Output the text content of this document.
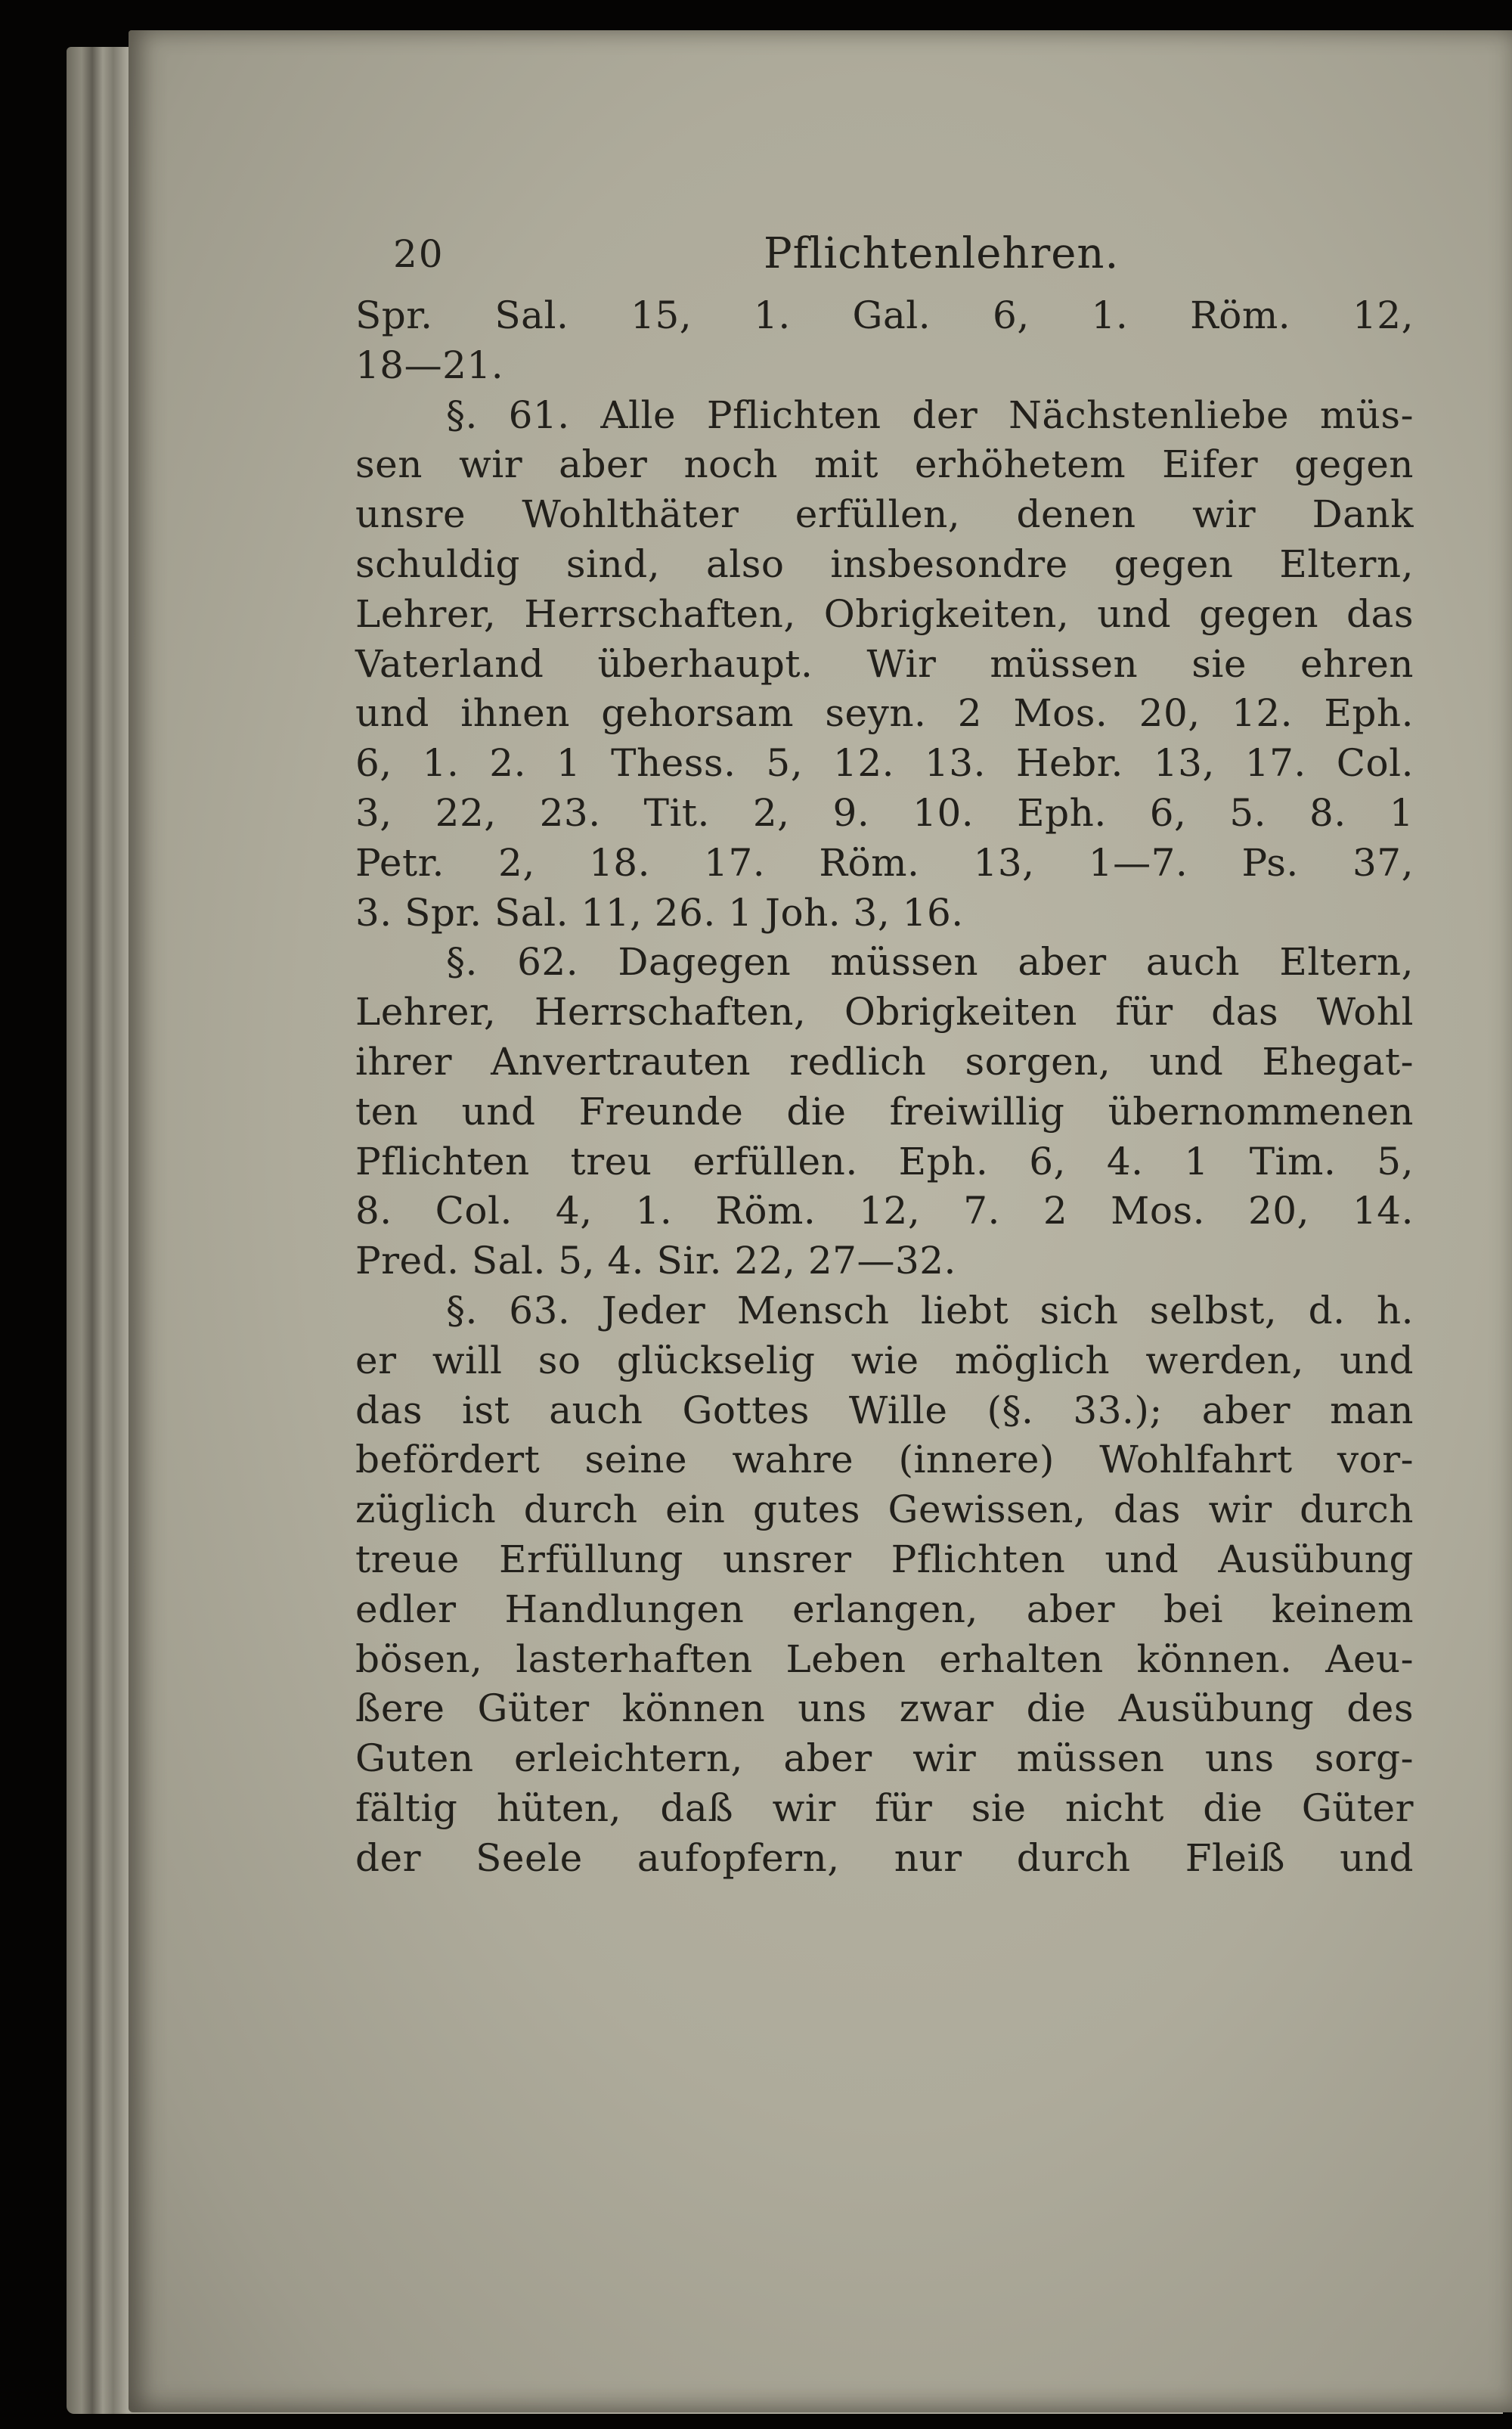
20	Pflichtenlehren.
Spr. Sal. 15, 1. Gal. 6, 1. Röm. 12,
18—21.
§. 61. Alle Pflichten der Nächstenliebe müs-
sen wir aber noch mit erhöhetem Eifer gegen
unsre Wohlthäter erfüllen, denen wir Dank
schuldig sind, also insbesondre gegen Eltern,
Lehrer, Herrschaften, Obrigkeiten, und gegen das
Vaterland überhaupt. Wir müssen sie ehren
und ihnen gehorsam seyn. 2 Mos. 20, 12. Eph.
6, 1. 2. 1 Thess. 5, 12. 13. Hebr. 13, 17. Col.
3, 22, 23. Tit. 2, 9. 10. Eph. 6, 5. 8. 1
Petr. 2, 18. 17. Röm. 13, 1—7. Ps. 37,
3. Spr. Sal. 11, 26. 1 Joh. 3, 16.
§. 62. Dagegen müssen aber auch Eltern,
Lehrer, Herrschaften, Obrigkeiten für das Wohl
ihrer Anvertrauten redlich sorgen, und Ehegat-
ten und Freunde die freiwillig übernommenen
Pflichten treu erfüllen. Eph. 6, 4. 1 Tim. 5,
8. Col. 4, 1. Röm. 12, 7. 2 Mos. 20, 14.
Pred. Sal. 5, 4. Sir. 22, 27—32.
§. 63. Jeder Mensch liebt sich selbst, d. h.
er will so glückselig wie möglich werden, und
das ist auch Gottes Wille (§. 33.); aber man
befördert seine wahre (innere) Wohlfahrt vor-
züglich durch ein gutes Gewissen, das wir durch
treue Erfüllung unsrer Pflichten und Ausübung
edler Handlungen erlangen, aber bei keinem
bösen, lasterhaften Leben erhalten können. Aeu-
ßere Güter können uns zwar die Ausübung des
Guten erleichtern, aber wir müssen uns sorg-
fältig hüten, daß wir für sie nicht die Güter
der Seele aufopfern, nur durch Fleiß und
